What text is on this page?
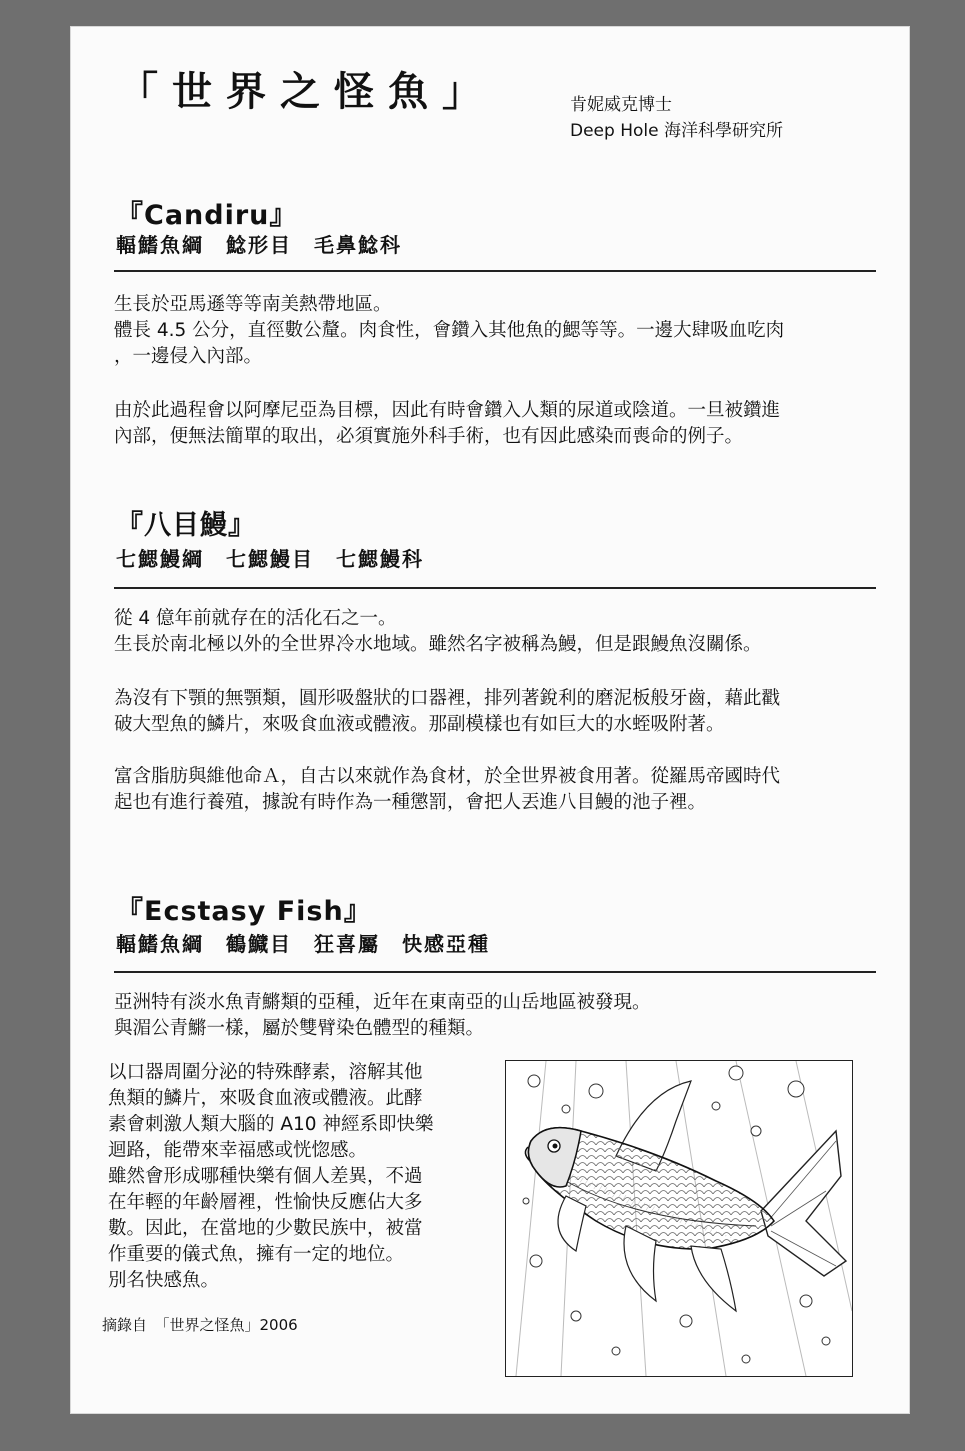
「世界之怪魚」	肯妮威克博士
Deep Hole 海洋科學研究所
『Candiru』
輻鰭魚綱　鯰形目　毛鼻鯰科
生長於亞馬遜等等南美熱帶地區。
體長 4.5 公分，直徑數公釐。肉食性，會鑽入其他魚的鰓等等。一邊大肆吸血吃肉
，一邊侵入內部。
由於此過程會以阿摩尼亞為目標，因此有時會鑽入人類的尿道或陰道。一旦被鑽進
內部，便無法簡單的取出，必須實施外科手術，也有因此感染而喪命的例子。
『八目鰻』
七鰓鰻綱　七鰓鰻目　七鰓鰻科
從 4 億年前就存在的活化石之一。
生長於南北極以外的全世界冷水地域。雖然名字被稱為鰻，但是跟鰻魚沒關係。
為沒有下顎的無顎類，圓形吸盤狀的口器裡，排列著銳利的磨泥板般牙齒，藉此戳
破大型魚的鱗片，來吸食血液或體液。那副模樣也有如巨大的水蛭吸附著。
富含脂肪與維他命Ａ，自古以來就作為食材，於全世界被食用著。從羅馬帝國時代
起也有進行養殖，據說有時作為一種懲罰，會把人丟進八目鰻的池子裡。
『Ecstasy Fish』
輻鰭魚綱　鶴鱵目　狂喜屬　快感亞種
亞洲特有淡水魚青鱂類的亞種，近年在東南亞的山岳地區被發現。
與湄公青鱂一樣，屬於雙臂染色體型的種類。
以口器周圍分泌的特殊酵素，溶解其他
魚類的鱗片，來吸食血液或體液。此酵
素會刺激人類大腦的 A10 神經系即快樂
迴路，能帶來幸福感或恍惚感。
雖然會形成哪種快樂有個人差異，不過
在年輕的年齡層裡，性愉快反應佔大多
數。因此，在當地的少數民族中，被當
作重要的儀式魚，擁有一定的地位。
別名快感魚。
摘錄自　「世界之怪魚」2006
